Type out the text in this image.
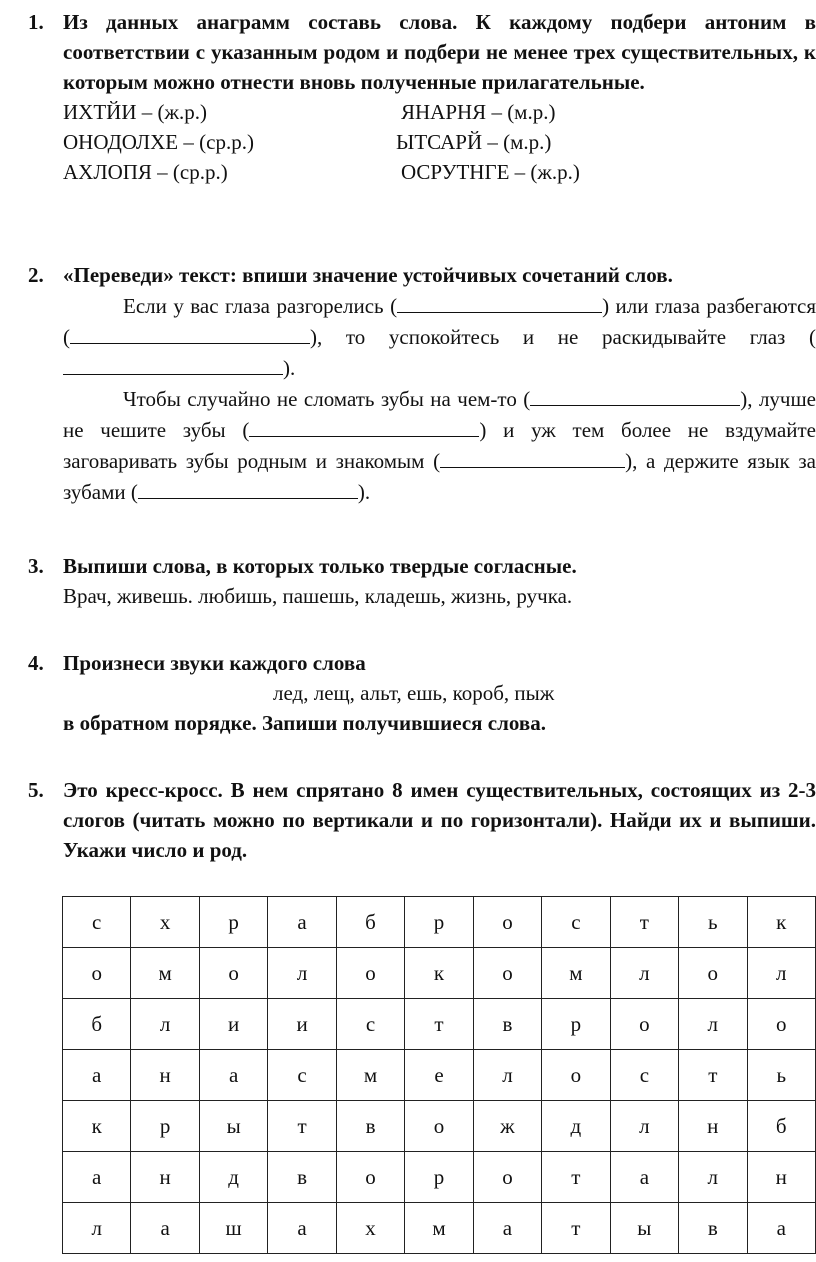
1. Из данных анаграмм составь слова. К каждому подбери антоним в соответствии с указанным родом и подбери не менее трех существительных, к которым можно отнести вновь полученные прилагательные.
ИХТЙИ – (ж.р.)	ЯНАРНЯ – (м.р.)
ОНОДОЛХЕ – (ср.р.)	ЫТСАРЙ – (м.р.)
АХЛОПЯ – (ср.р.)	ОСРУТНГЕ – (ж.р.)
2. «Переведи» текст: впиши значение устойчивых сочетаний слов.
Если у вас глаза разгорелись (	) или глаза разбегаются (	), то успокойтесь и не раскидывайте глаз ().
Чтобы случайно не сломать зубы на чем-то (	), лучше не чешите зубы (	) и уж тем более не вздумайте заговаривать зубы родным и знакомым (	), а держите язык за зубами (	).
3. Выпиши слова, в которых только твердые согласные.
Врач, живешь. любишь, пашешь, кладешь, жизнь, ручка.
4. Произнеси звуки каждого слова
лед, лещ, альт, ешь, короб, пыж
в обратном порядке. Запиши получившиеся слова.
5. Это кресс-кросс. В нем спрятано 8 имен существительных, состоящих из 2-3 слогов (читать можно по вертикали и по горизонтали). Найди их и выпиши. Укажи число и род.
с	х	р	а	б	р	о	с	т	ь	к
о	м	о	л	о	к	о	м	л	о	л
б	л	и	и	с	т	в	р	о	л	о
а	н	а	с	м	е	л	о	с	т	ь
к	р	ы	т	в	о	ж	д	л	н	б
а	н	д	в	о	р	о	т	а	л	н
л	а	ш	а	х	м	а	т	ы	в	а
